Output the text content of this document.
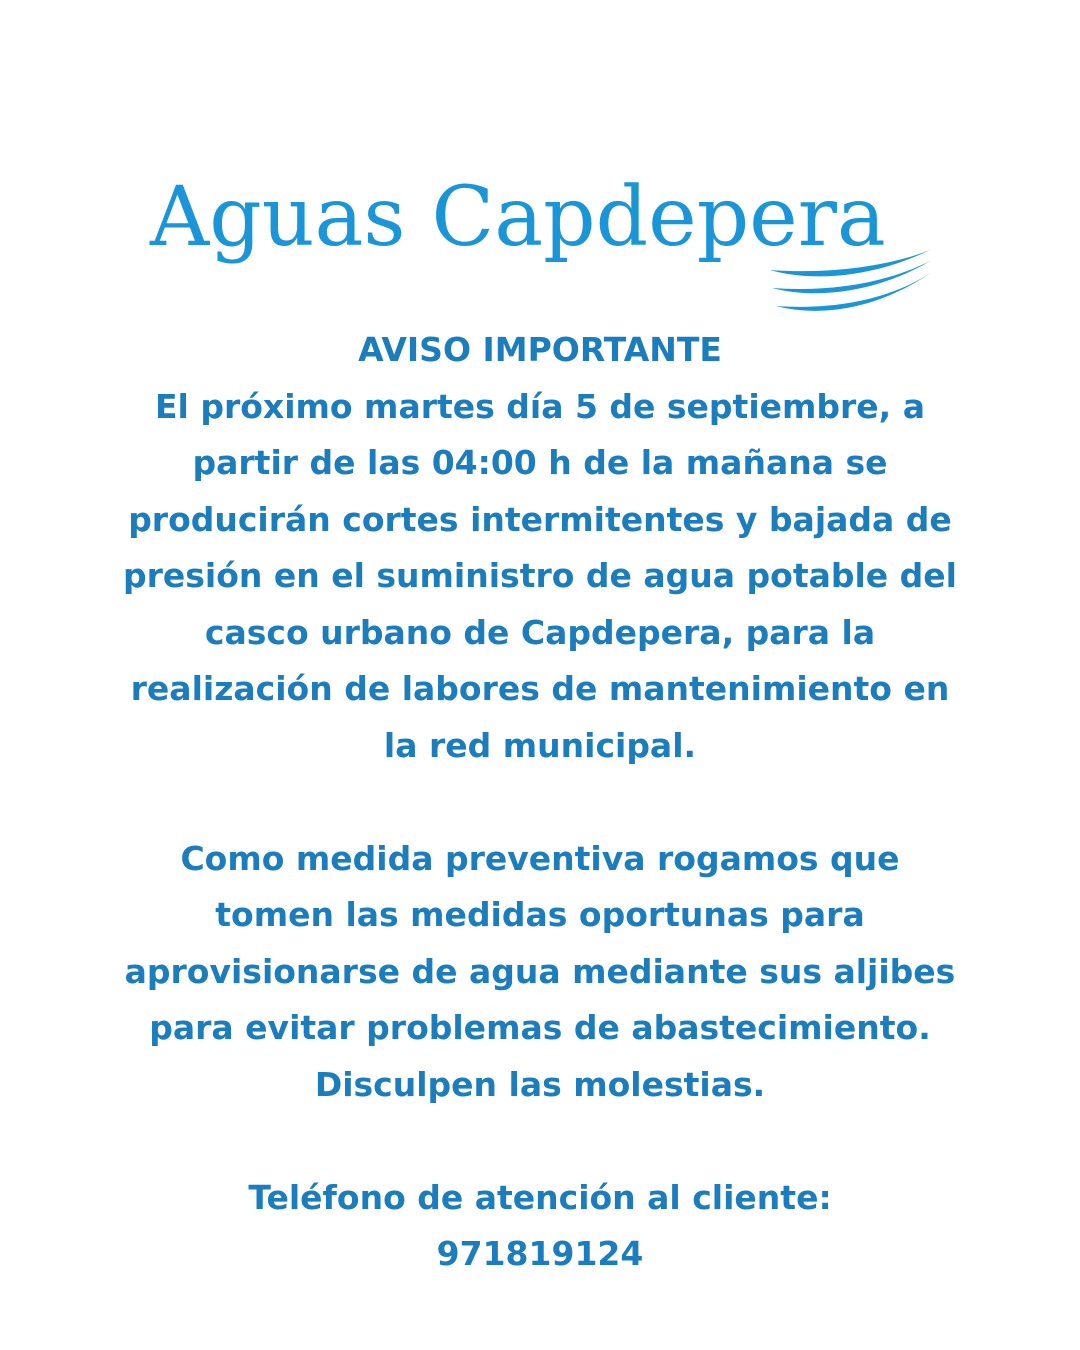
Aguas Capdepera

AVISO IMPORTANTE

El próximo martes día 5 de septiembre, a

partir de las 04:00 h de la mañana se

producirán cortes intermitentes y bajada de

presión en el suministro de agua potable del

casco urbano de Capdepera, para la

realización de labores de mantenimiento en

la red municipal.

Como medida preventiva rogamos que

tomen las medidas oportunas para

aprovisionarse de agua mediante sus aljibes

para evitar problemas de abastecimiento.

Disculpen las molestias.

Teléfono de atención al cliente:

971819124
